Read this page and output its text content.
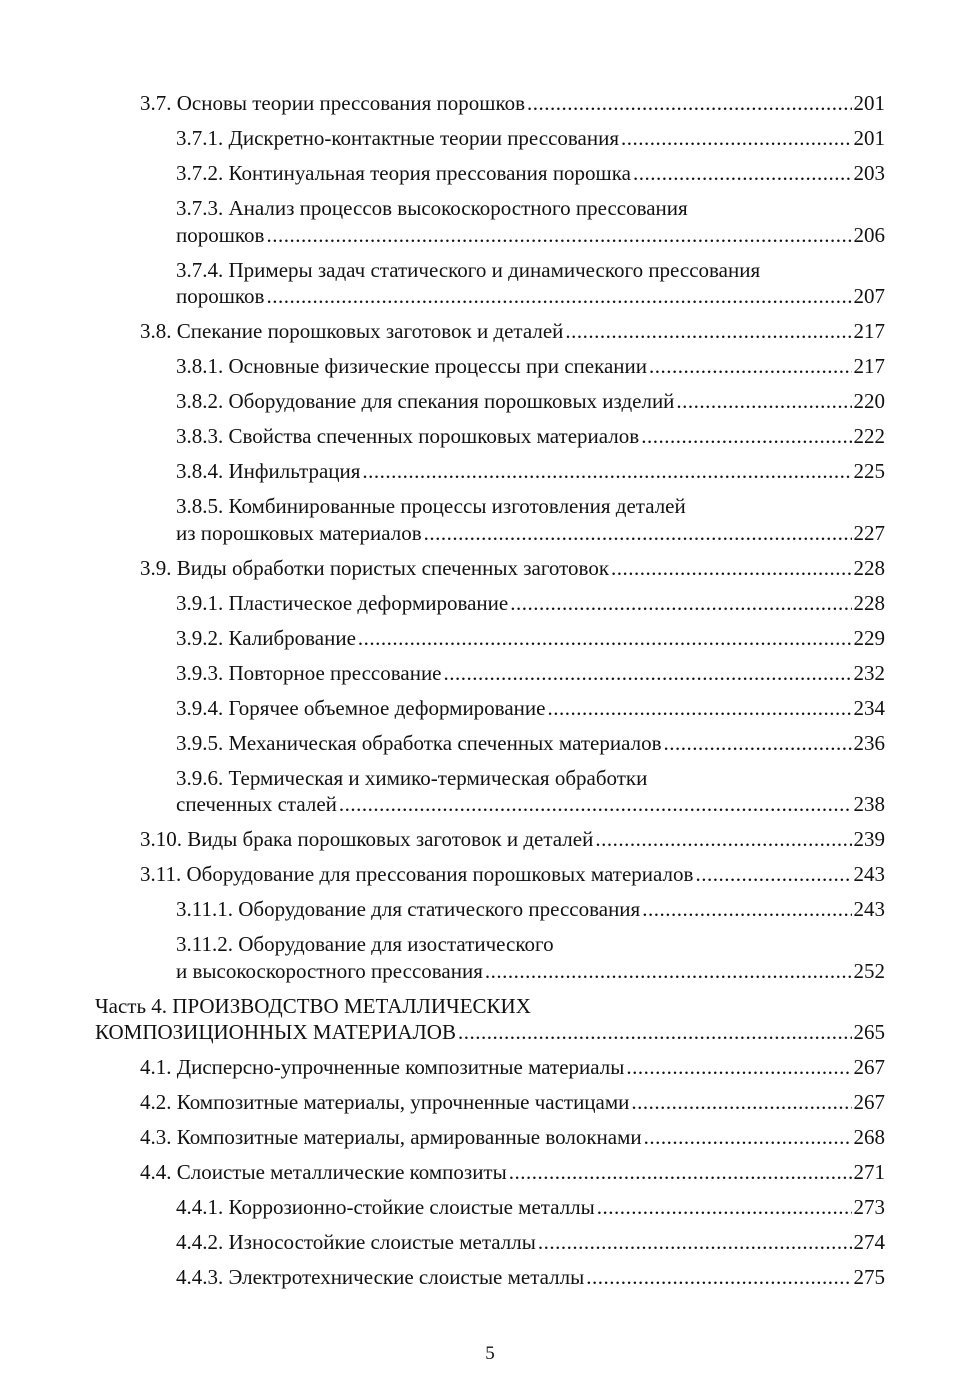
3.7. Основы теории прессования порошков .....	201
3.7.1. Дискретно-контактные теории прессования .....	201
3.7.2. Континуальная теория прессования порошка .....	203
3.7.3. Анализ процессов высокоскоростного прессования
порошков .....	206
3.7.4. Примеры задач статического и динамического прессования
порошков .....	207
3.8. Спекание порошковых заготовок и деталей .....	217
3.8.1. Основные физические процессы при спекании .....	217
3.8.2. Оборудование для спекания порошковых изделий .....	220
3.8.3. Свойства спеченных порошковых материалов .....	222
3.8.4. Инфильтрация .....	225
3.8.5. Комбинированные процессы изготовления деталей
из порошковых материалов .....	227
3.9. Виды обработки пористых спеченных заготовок .....	228
3.9.1. Пластическое деформирование .....	228
3.9.2. Калибрование .....	229
3.9.3. Повторное прессование .....	232
3.9.4. Горячее объемное деформирование .....	234
3.9.5. Механическая обработка спеченных материалов .....	236
3.9.6. Термическая и химико-термическая обработки
спеченных сталей .....	238
3.10. Виды брака порошковых заготовок и деталей .....	239
3.11. Оборудование для прессования порошковых материалов .....	243
3.11.1. Оборудование для статического прессования .....	243
3.11.2. Оборудование для изостатического
и высокоскоростного прессования .....	252
Часть 4. ПРОИЗВОДСТВО МЕТАЛЛИЧЕСКИХ
КОМПОЗИЦИОННЫХ МАТЕРИАЛОВ .....	265
4.1. Дисперсно-упрочненные композитные материалы .....	267
4.2. Композитные материалы, упрочненные частицами .....	267
4.3. Композитные материалы, армированные волокнами .....	268
4.4. Слоистые металлические композиты .....	271
4.4.1. Коррозионно-стойкие слоистые металлы .....	273
4.4.2. Износостойкие слоистые металлы .....	274
4.4.3. Электротехнические слоистые металлы .....	275
5
